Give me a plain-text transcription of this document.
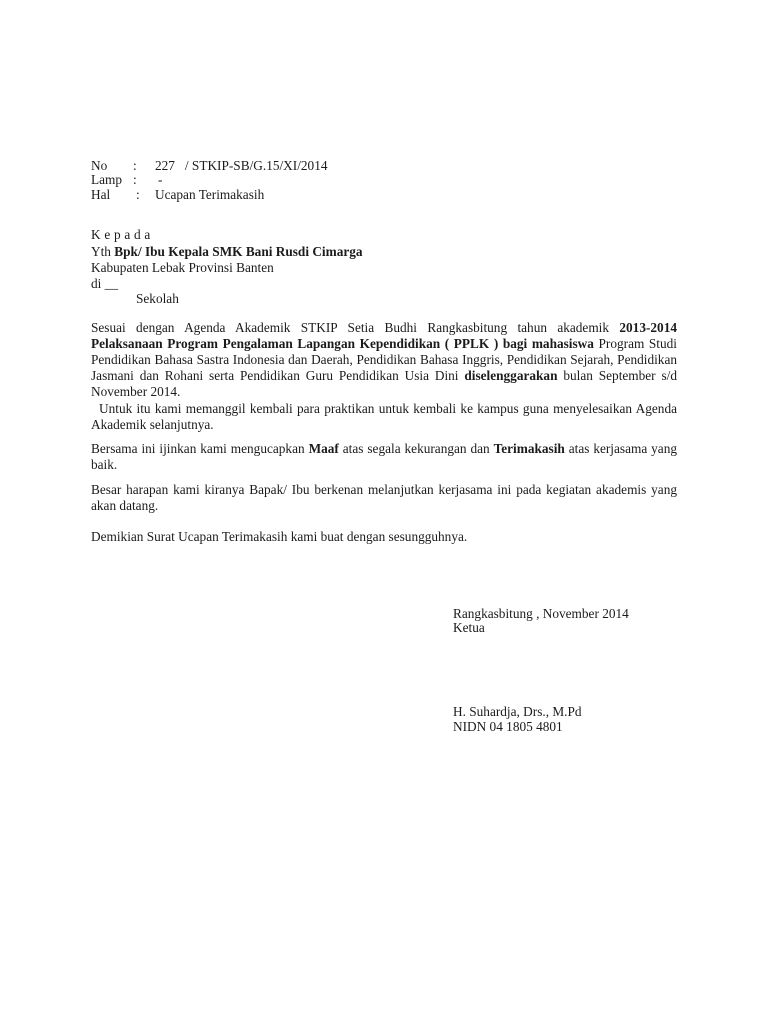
No : 227   / STKIP-SB/G.15/XI/2014
Lamp : -
Hal : Ucapan Terimakasih
K e p a d a
Yth Bpk/ Ibu Kepala SMK Bani Rusdi Cimarga
Kabupaten Lebak Provinsi Banten
di __
Sekolah
Sesuai dengan Agenda Akademik STKIP Setia Budhi Rangkasbitung tahun akademik 2013-2014 Pelaksanaan Program Pengalaman Lapangan Kependidikan ( PPLK ) bagi mahasiswa Program Studi Pendidikan Bahasa Sastra Indonesia dan Daerah, Pendidikan Bahasa Inggris, Pendidikan Sejarah, Pendidikan Jasmani dan Rohani serta Pendidikan Guru Pendidikan Usia Dini diselenggarakan bulan September s/d November 2014.
Untuk itu kami memanggil kembali para praktikan untuk kembali ke kampus guna menyelesaikan Agenda Akademik selanjutnya.
Bersama ini ijinkan kami mengucapkan Maaf atas segala kekurangan dan Terimakasih atas kerjasama yang baik.
Besar harapan kami kiranya Bapak/ Ibu berkenan melanjutkan kerjasama ini pada kegiatan akademis yang akan datang.
Demikian Surat Ucapan Terimakasih kami buat dengan sesungguhnya.
Rangkasbitung , November 2014
Ketua
H. Suhardja, Drs., M.Pd
NIDN 04 1805 4801
